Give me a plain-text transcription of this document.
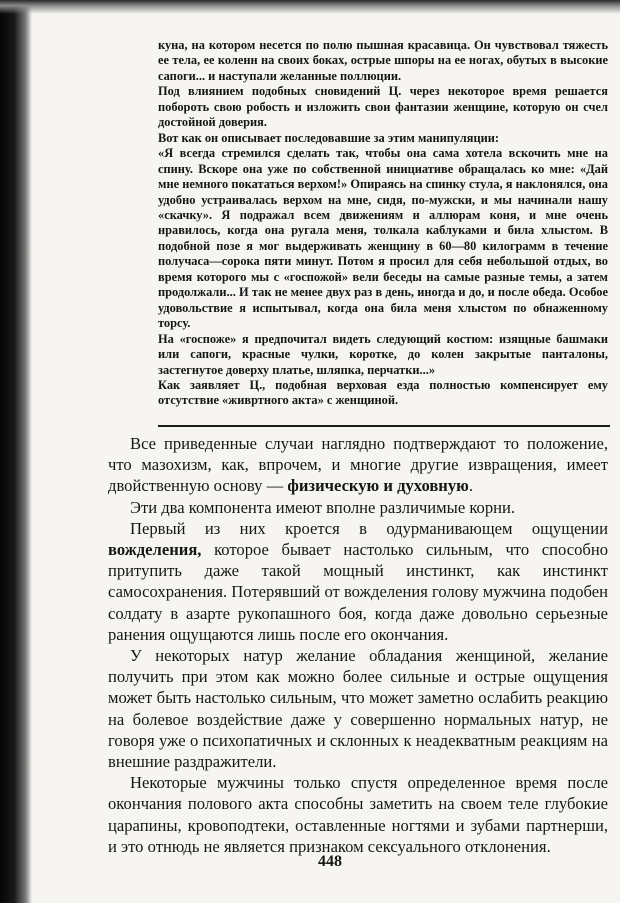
куна, на котором несется по полю пышная красавица. Он чувствовал тяжесть ее тела, ее коленн на своих боках, острые шпоры на ее ногах, обутых в высокие сапоги... и наступали желанные поллюции.

Под влиянием подобных сновидений Ц. через некоторое время решается побороть свою робость и изложить свои фантазии женщине, которую он счел достойной доверия.

Вот как он описывает последовавшие за этим манипуляции:

«Я всегда стремился сделать так, чтобы она сама хотела вскочить мне на спину. Вскоре она уже по собственной инициативе обращалась ко мне: «Дай мне немного покататься верхом!» Опираясь на спинку стула, я наклонялся, она удобно устраивалась верхом на мне, сидя, по-мужски, и мы начинали нашу «скачку». Я подражал всем движениям и аллюрам коня, и мне очень нравилось, когда она ругала меня, толкала каблуками и била хлыстом. В подобной позе я мог выдерживать женщину в 60—80 килограмм в течение получаса—сорока пяти минут. Потом я просил для себя небольшой отдых, во время которого мы с «госпожой» вели беседы на самые разные темы, а затем продолжали... И так не менее двух раз в день, иногда и до, и после обеда. Особое удовольствие я испытывал, когда она била меня хлыстом по обнаженному торсу.

На «госпоже» я предпочитал видеть следующий костюм: изящные башмаки или сапоги, красные чулки, коротке, до колен закрытые панталоны, застегнутое доверху платье, шляпка, перчатки...»

Как заявляет Ц., подобная верховая езда полностью компенсирует ему отсутствие «живртного акта» с женщиной.

Все приведенные случаи наглядно подтверждают то положение, что мазохизм, как, впрочем, и многие другие извращения, имеет двойственную основу — физическую и духовную.

Эти два компонента имеют вполне различимые корни.

Первый из них кроется в одурманивающем ощущении вожделения, которое бывает настолько сильным, что способно притупить даже такой мощный инстинкт, как инстинкт самосохранения. Потерявший от вожделения голову мужчина подобен солдату в азарте рукопашного боя, когда даже довольно серьезные ранения ощущаются лишь после его окончания.

У некоторых натур желание обладания женщиной, желание получить при этом как можно более сильные и острые ощущения может быть настолько сильным, что может заметно ослабить реакцию на болевое воздействие даже у совершенно нормальных натур, не говоря уже о психопатичных и склонных к неадекватным реакциям на внешние раздражители.

Некоторые мужчины только спустя определенное время после окончания полового акта способны заметить на своем теле глубокие царапины, кровоподтеки, оставленные ногтями и зубами партнерши, и это отнюдь не является признаком сексуального отклонения.

448
